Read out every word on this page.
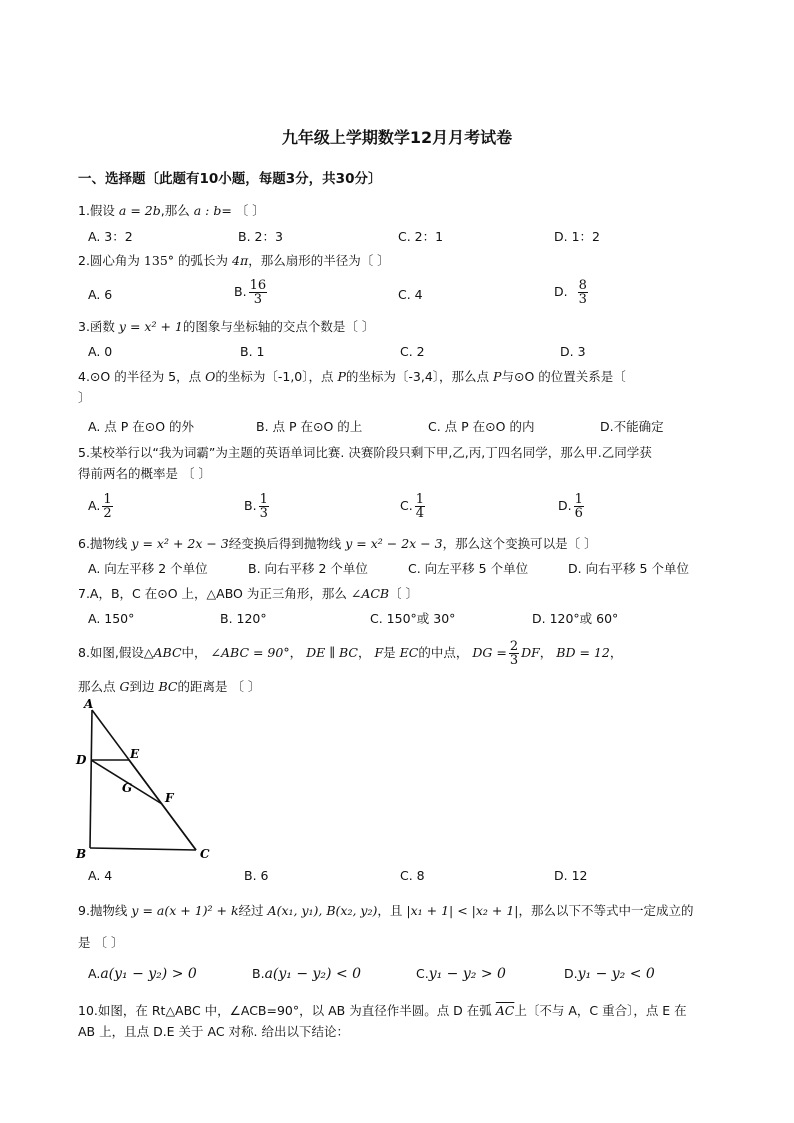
九年级上学期数学12月月考试卷
一、选择题〔此题有10小题，每题3分，共30分〕
1.假设 a = 2b,那么 a : b= 〔 〕
A. 3：2	B. 2：3	C. 2：1	D. 1：2
2.圆心角为 135° 的弧长为 4π，那么扇形的半径为〔 〕
A. 6	B. $\frac{16}{3}$	C. 4	D. $\frac{8}{3}$
3.函数 y = x² + 1的图象与坐标轴的交点个数是〔 〕
A. 0	B. 1	C. 2	D. 3
4.⊙O 的半径为 5，点 O的坐标为〔-1,0〕，点 P的坐标为〔-3,4〕，那么点 P与⊙O 的位置关系是〔
〕
A. 点 P 在⊙O 的外	B. 点 P 在⊙O 的上	C. 点 P 在⊙O 的内	D.不能确定
5.某校举行以“我为词霸”为主题的英语单词比赛. 决赛阶段只剩下甲,乙,丙,丁四名同学，那么甲.乙同学获
得前两名的概率是 〔 〕
A. $\frac{1}{2}$	B. $\frac{1}{3}$	C. $\frac{1}{4}$	D. $\frac{1}{6}$
6.抛物线 y = x² + 2x − 3经变换后得到抛物线 y = x² − 2x − 3，那么这个变换可以是〔 〕
A. 向左平移 2 个单位	B. 向右平移 2 个单位	C. 向左平移 5 个单位	D. 向右平移 5 个单位
7.A，B，C 在⊙O 上，△ABO 为正三角形，那么 ∠ACB〔 〕
A. 150°	B. 120°	C. 150°或 30°	D. 120°或 60°
8.如图,假设△ABC中， ∠ABC = 90°， DE ∥ BC， F是 EC的中点， DG = $\frac{2}{3}$ DF， BD = 12，
那么点 G到边 BC的距离是 〔 〕
A
D	E
G
F
B	C
A. 4	B. 6	C. 8	D. 12
9.抛物线 y = a(x + 1)² + k经过 A(x₁, y₁), B(x₂, y₂)，且 |x₁ + 1| < |x₂ + 1|，那么以下不等式中一定成立的
是 〔 〕
A.a(y₁ − y₂) > 0	B.a(y₁ − y₂) < 0	C.y₁ − y₂ > 0	D.y₁ − y₂ < 0
10.如图，在 Rt△ABC 中，∠ACB=90°，以 AB 为直径作半圆。点 D 在弧 $\overline{AC}$上〔不与 A，C 重合〕，点 E 在
AB 上，且点 D.E 关于 AC 对称. 给出以下结论：
